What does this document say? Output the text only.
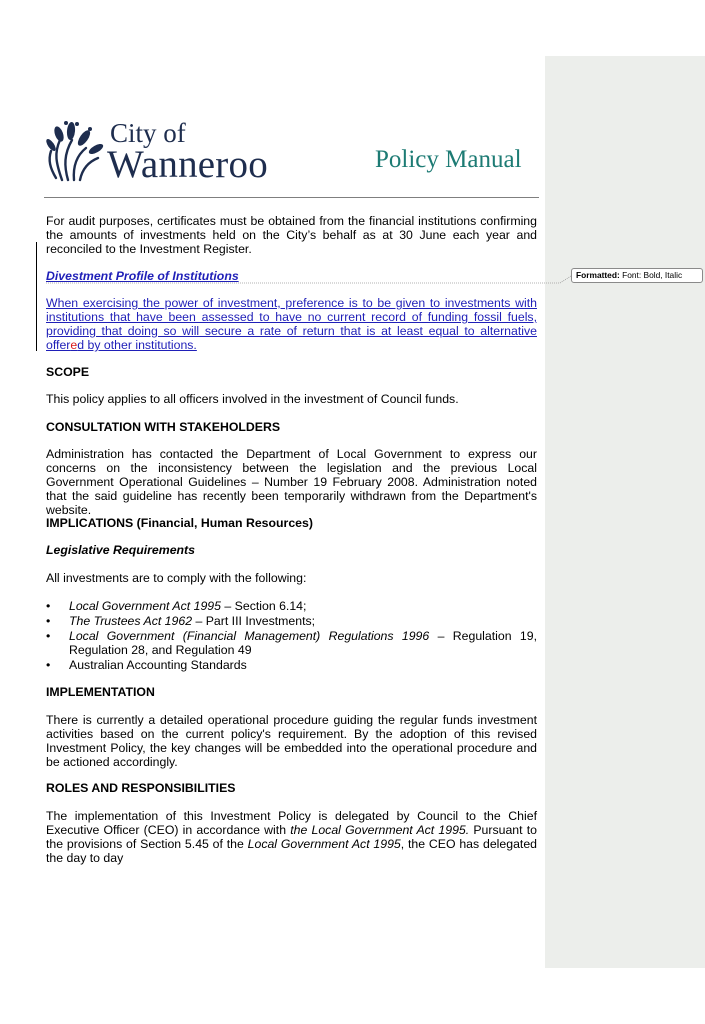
Formatted: Font: Bold, Italic
City of
Wanneroo	Policy Manual

For audit purposes, certificates must be obtained from the financial institutions confirming the amounts of investments held on the City’s behalf as at 30 June each year and reconciled to the Investment Register.

Divestment Profile of Institutions

When exercising the power of investment, preference is to be given to investments with institutions that have been assessed to have no current record of funding fossil fuels, providing that doing so will secure a rate of return that is at least equal to alternative offered by other institutions.

SCOPE

This policy applies to all officers involved in the investment of Council funds.

CONSULTATION WITH STAKEHOLDERS

Administration has contacted the Department of Local Government to express our concerns on the inconsistency between the legislation and the previous Local Government Operational Guidelines – Number 19 February 2008. Administration noted that the said guideline has recently been temporarily withdrawn from the Department's website.

IMPLICATIONS (Financial, Human Resources)

Legislative Requirements

All investments are to comply with the following:

• Local Government Act 1995 – Section 6.14;
• The Trustees Act 1962 – Part III Investments;
• Local Government (Financial Management) Regulations 1996 – Regulation 19, Regulation 28, and Regulation 49
• Australian Accounting Standards

IMPLEMENTATION

There is currently a detailed operational procedure guiding the regular funds investment activities based on the current policy's requirement. By the adoption of this revised Investment Policy, the key changes will be embedded into the operational procedure and be actioned accordingly.

ROLES AND RESPONSIBILITIES

The implementation of this Investment Policy is delegated by Council to the Chief Executive Officer (CEO) in accordance with the Local Government Act 1995. Pursuant to the provisions of Section 5.45 of the Local Government Act 1995, the CEO has delegated the day to day
